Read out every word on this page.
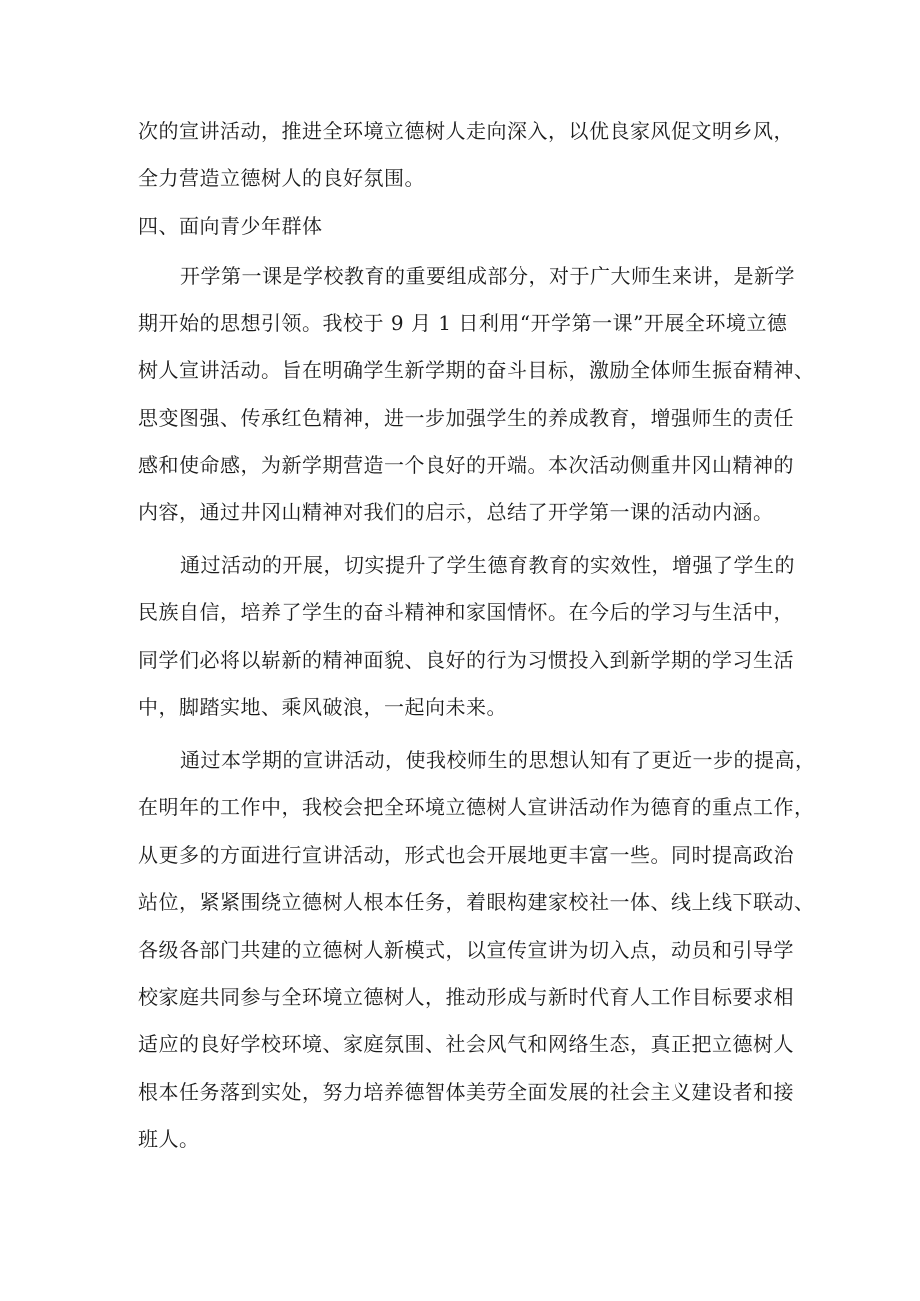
次的宣讲活动，推进全环境立德树人走向深入，以优良家风促文明乡风，
全力营造立德树人的良好氛围。
四、面向青少年群体
开学第一课是学校教育的重要组成部分，对于广大师生来讲，是新学
期开始的思想引领。我校于 9 月 1 日利用“开学第一课”开展全环境立德
树人宣讲活动。旨在明确学生新学期的奋斗目标，激励全体师生振奋精神、
思变图强、传承红色精神，进一步加强学生的养成教育，增强师生的责任
感和使命感，为新学期营造一个良好的开端。本次活动侧重井冈山精神的
内容，通过井冈山精神对我们的启示，总结了开学第一课的活动内涵。
通过活动的开展，切实提升了学生德育教育的实效性，增强了学生的
民族自信，培养了学生的奋斗精神和家国情怀。在今后的学习与生活中，
同学们必将以崭新的精神面貌、良好的行为习惯投入到新学期的学习生活
中，脚踏实地、乘风破浪，一起向未来。
通过本学期的宣讲活动，使我校师生的思想认知有了更近一步的提高，
在明年的工作中，我校会把全环境立德树人宣讲活动作为德育的重点工作，
从更多的方面进行宣讲活动，形式也会开展地更丰富一些。同时提高政治
站位，紧紧围绕立德树人根本任务，着眼构建家校社一体、线上线下联动、
各级各部门共建的立德树人新模式，以宣传宣讲为切入点，动员和引导学
校家庭共同参与全环境立德树人，推动形成与新时代育人工作目标要求相
适应的良好学校环境、家庭氛围、社会风气和网络生态，真正把立德树人
根本任务落到实处，努力培养德智体美劳全面发展的社会主义建设者和接
班人。
